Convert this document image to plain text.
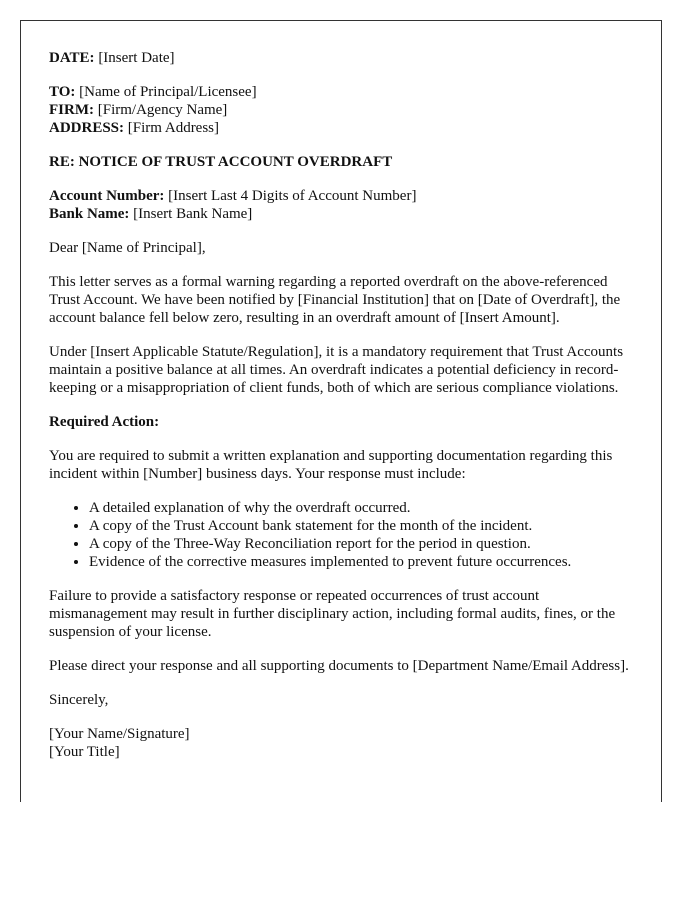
DATE: [Insert Date]

TO: [Name of Principal/Licensee]
FIRM: [Firm/Agency Name]
ADDRESS: [Firm Address]

RE: NOTICE OF TRUST ACCOUNT OVERDRAFT

Account Number: [Insert Last 4 Digits of Account Number]
Bank Name: [Insert Bank Name]

Dear [Name of Principal],

This letter serves as a formal warning regarding a reported overdraft on the above-referenced Trust Account. We have been notified by [Financial Institution] that on [Date of Overdraft], the account balance fell below zero, resulting in an overdraft amount of [Insert Amount].

Under [Insert Applicable Statute/Regulation], it is a mandatory requirement that Trust Accounts maintain a positive balance at all times. An overdraft indicates a potential deficiency in record-keeping or a misappropriation of client funds, both of which are serious compliance violations.

Required Action:

You are required to submit a written explanation and supporting documentation regarding this incident within [Number] business days. Your response must include:

• A detailed explanation of why the overdraft occurred.
• A copy of the Trust Account bank statement for the month of the incident.
• A copy of the Three-Way Reconciliation report for the period in question.
• Evidence of the corrective measures implemented to prevent future occurrences.

Failure to provide a satisfactory response or repeated occurrences of trust account mismanagement may result in further disciplinary action, including formal audits, fines, or the suspension of your license.

Please direct your response and all supporting documents to [Department Name/Email Address].

Sincerely,

[Your Name/Signature]
[Your Title]
